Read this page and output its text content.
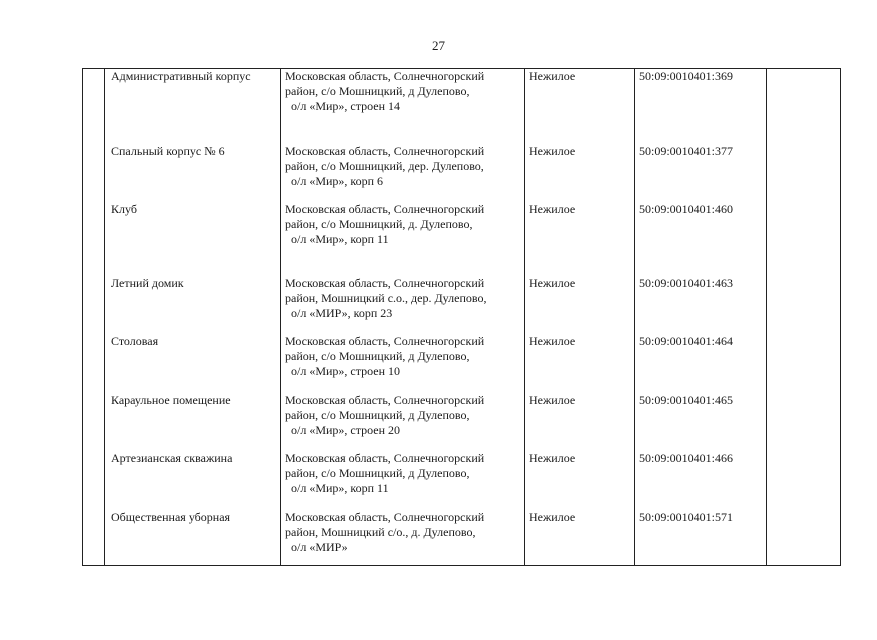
27

	Административный корпус	Московская область, Солнечногорский
район, с/о Мошницкий, д Дулепово,
о/л «Мир», строен 14	Нежилое	50:09:0010401:369	

	Спальный корпус № 6	Московская область, Солнечногорский
район, с/о Мошницкий, дер. Дулепово,
о/л «Мир», корп 6	Нежилое	50:09:0010401:377	

	Клуб	Московская область, Солнечногорский
район, с/о Мошницкий, д. Дулепово,
о/л «Мир», корп 11	Нежилое	50:09:0010401:460	

	Летний домик	Московская область, Солнечногорский
район, Мошницкий с.о., дер. Дулепово,
о/л «МИР», корп 23	Нежилое	50:09:0010401:463	

	Столовая	Московская область, Солнечногорский
район, с/о Мошницкий, д Дулепово,
о/л «Мир», строен 10	Нежилое	50:09:0010401:464	

	Караульное помещение	Московская область, Солнечногорский
район, с/о Мошницкий, д Дулепово,
о/л «Мир», строен 20	Нежилое	50:09:0010401:465	

	Артезианская скважина	Московская область, Солнечногорский
район, с/о Мошницкий, д Дулепово,
о/л «Мир», корп 11	Нежилое	50:09:0010401:466	

	Общественная уборная	Московская область, Солнечногорский
район, Мошницкий с/о., д. Дулепово,
о/л «МИР»	Нежилое	50:09:0010401:571	
